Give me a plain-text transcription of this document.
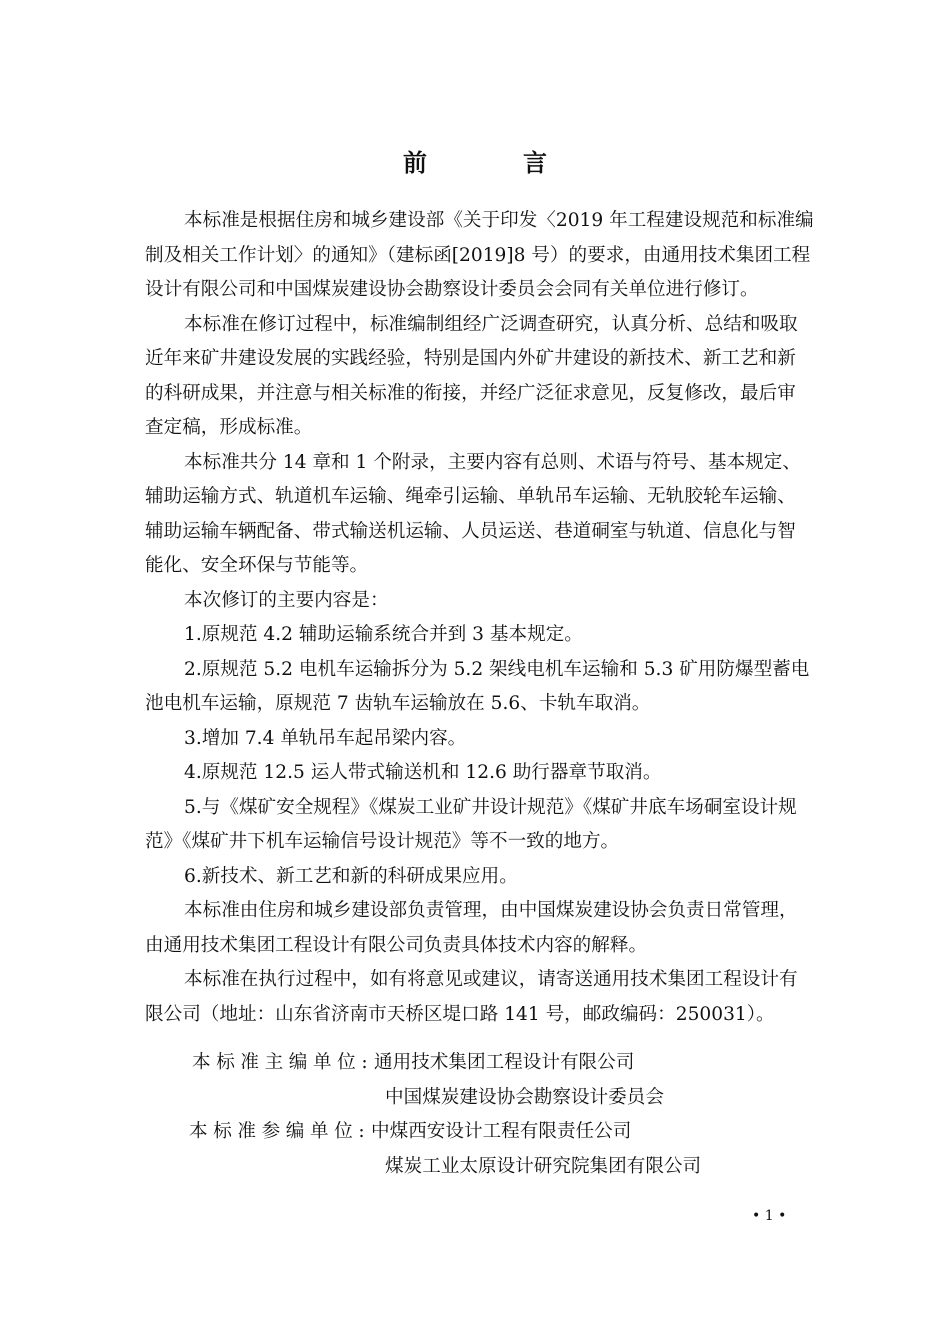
前　言
本标准是根据住房和城乡建设部《关于印发〈2019 年工程建设规范和标准编
制及相关工作计划〉的通知》（建标函[2019]8 号）的要求，由通用技术集团工程
设计有限公司和中国煤炭建设协会勘察设计委员会会同有关单位进行修订。
本标准在修订过程中，标准编制组经广泛调查研究，认真分析、总结和吸取
近年来矿井建设发展的实践经验，特别是国内外矿井建设的新技术、新工艺和新
的科研成果，并注意与相关标准的衔接，并经广泛征求意见，反复修改，最后审
查定稿，形成标准。
本标准共分 14 章和 1 个附录，主要内容有总则、术语与符号、基本规定、
辅助运输方式、轨道机车运输、绳牵引运输、单轨吊车运输、无轨胶轮车运输、
辅助运输车辆配备、带式输送机运输、人员运送、巷道硐室与轨道、信息化与智
能化、安全环保与节能等。
本次修订的主要内容是：
1.原规范 4.2 辅助运输系统合并到 3 基本规定。
2.原规范 5.2 电机车运输拆分为 5.2 架线电机车运输和 5.3 矿用防爆型蓄电
池电机车运输，原规范 7 齿轨车运输放在 5.6、卡轨车取消。
3.增加 7.4 单轨吊车起吊梁内容。
4.原规范 12.5 运人带式输送机和 12.6 助行器章节取消。
5.与《煤矿安全规程》《煤炭工业矿井设计规范》《煤矿井底车场硐室设计规
范》《煤矿井下机车运输信号设计规范》等不一致的地方。
6.新技术、新工艺和新的科研成果应用。
本标准由住房和城乡建设部负责管理，由中国煤炭建设协会负责日常管理，
由通用技术集团工程设计有限公司负责具体技术内容的解释。
本标准在执行过程中，如有将意见或建议，请寄送通用技术集团工程设计有
限公司（地址：山东省济南市天桥区堤口路 141 号，邮政编码：250031）。
本标准主编单位:通用技术集团工程设计有限公司
中国煤炭建设协会勘察设计委员会
本标准参编单位:中煤西安设计工程有限责任公司
煤炭工业太原设计研究院集团有限公司
• 1 •
